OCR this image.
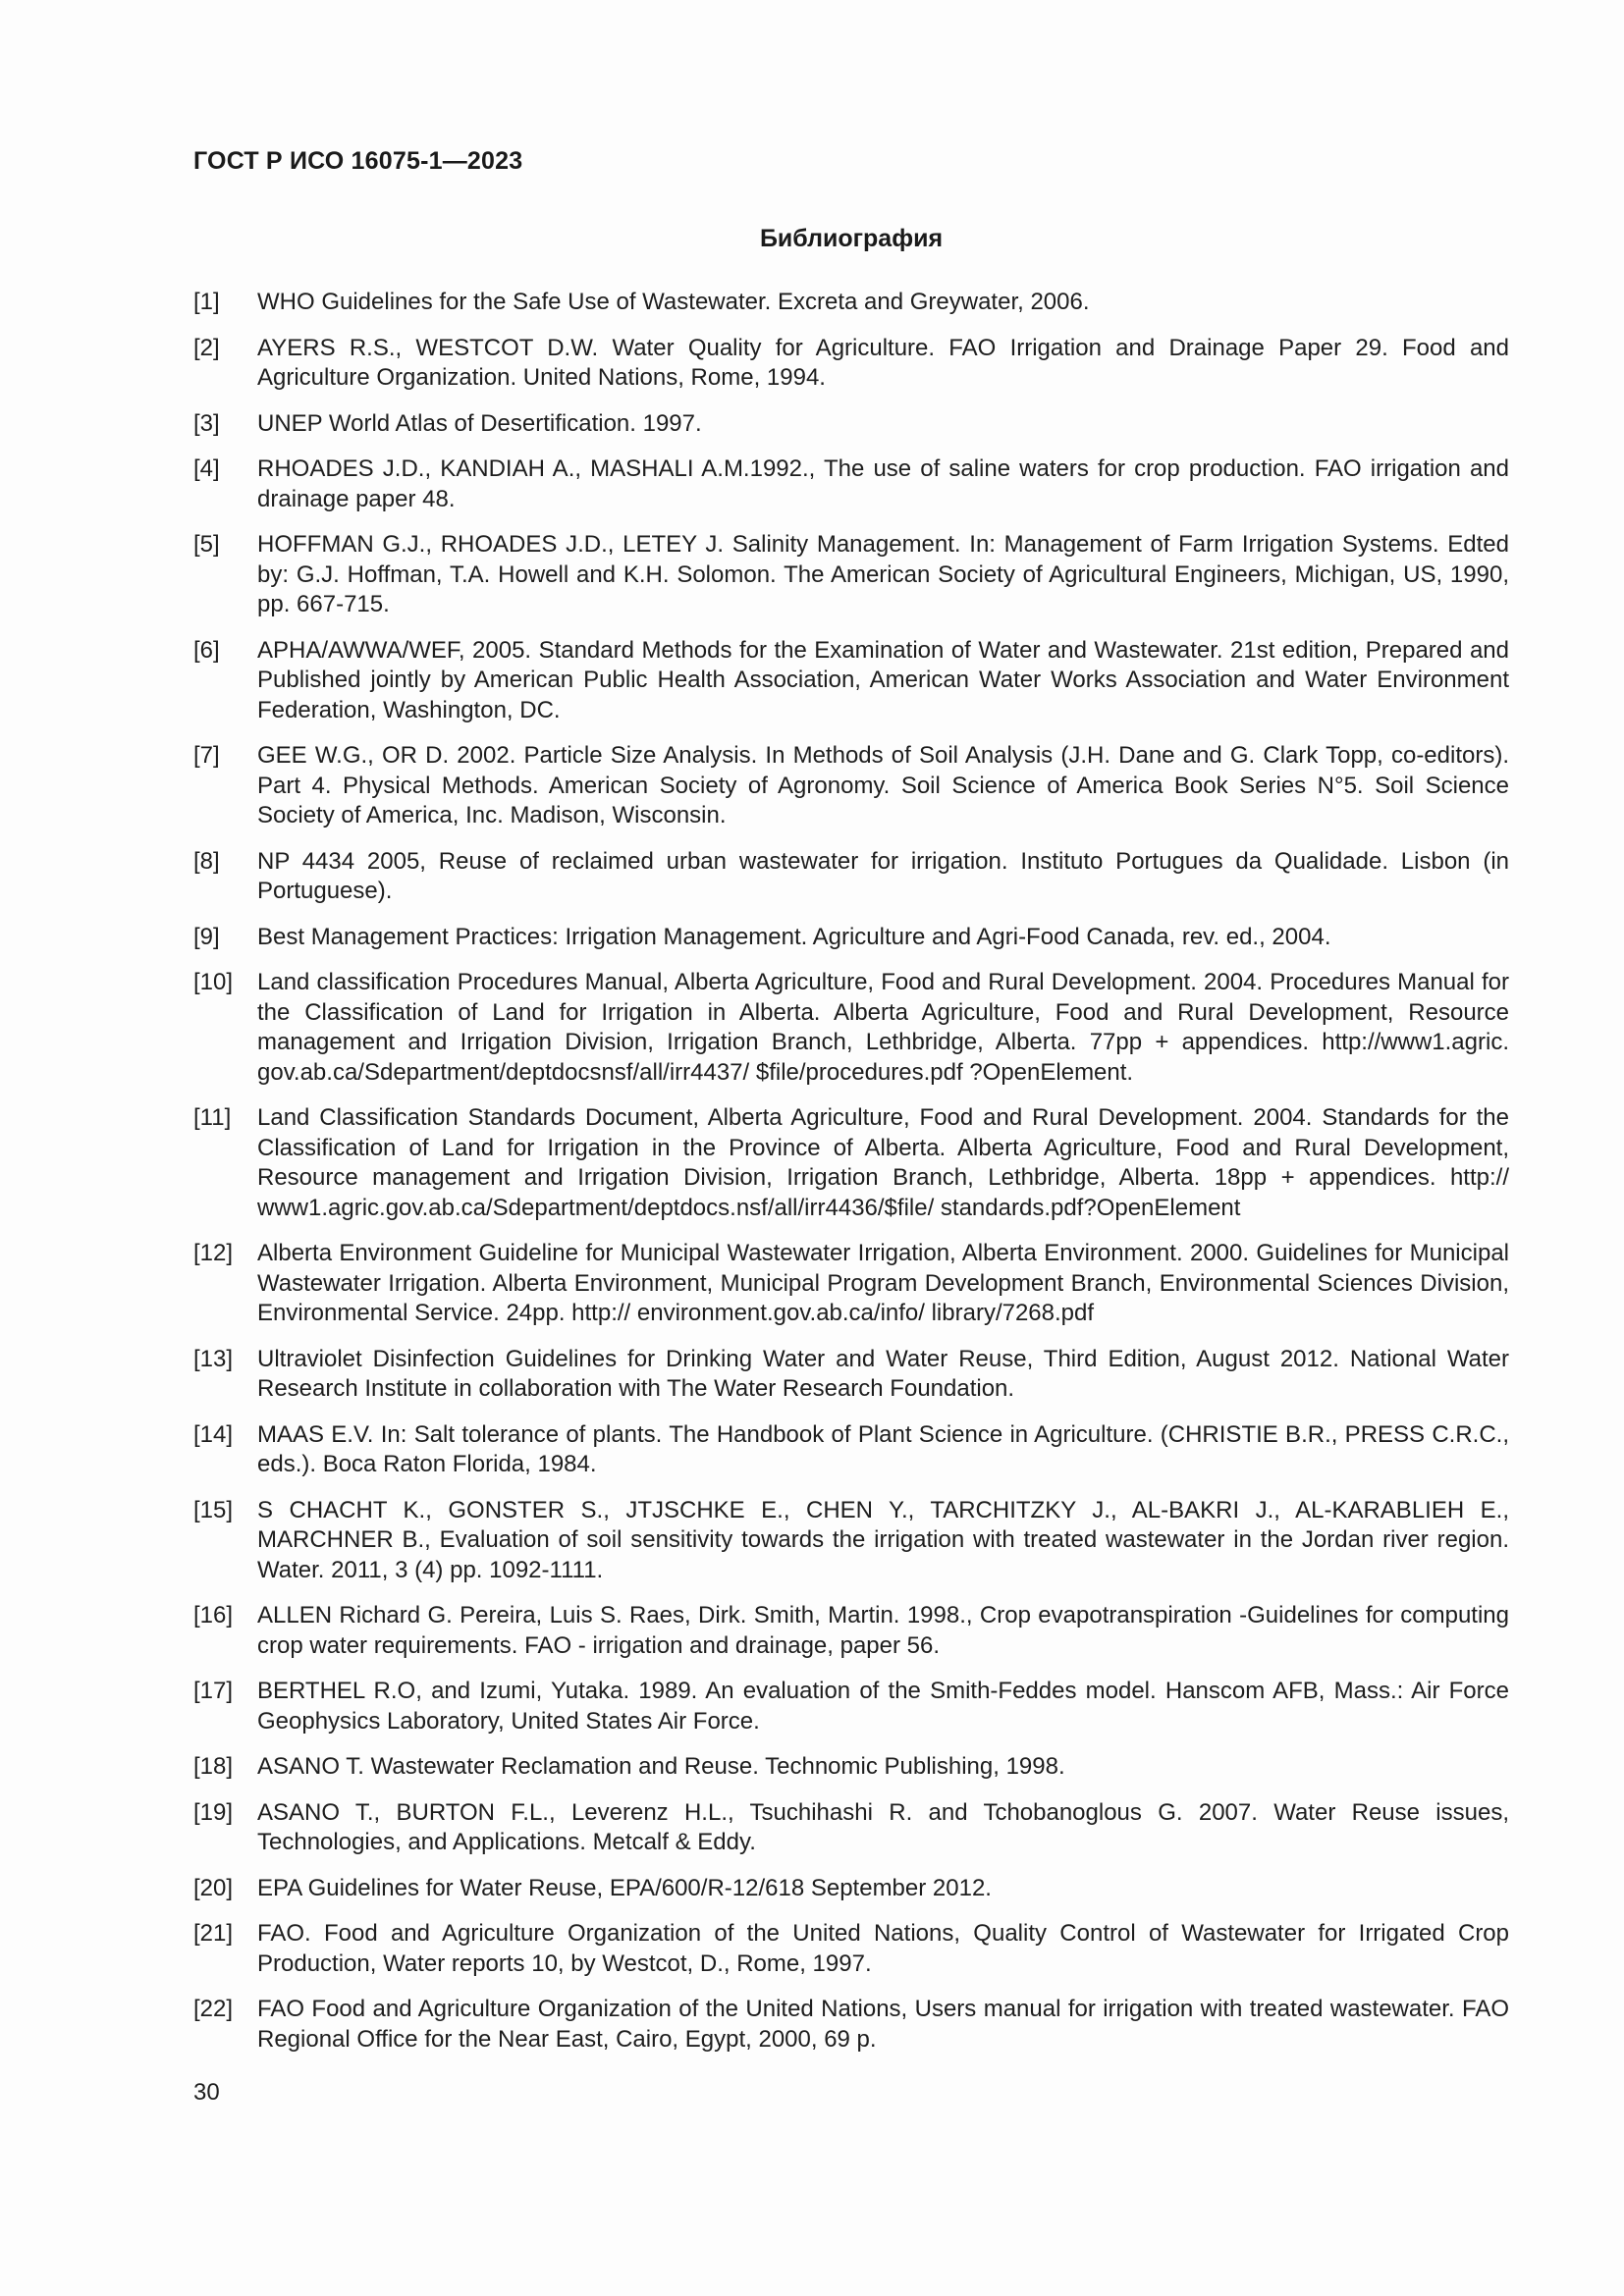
ГОСТ Р ИСО 16075-1—2023
Библиография
[1]	WHO Guidelines for the Safe Use of Wastewater. Excreta and Greywater, 2006.
[2]	AYERS R.S., WESTCOT D.W. Water Quality for Agriculture. FAO Irrigation and Drainage Paper 29. Food and Agriculture Organization. United Nations, Rome, 1994.
[3]	UNEP World Atlas of Desertification. 1997.
[4]	RHOADES J.D., KANDIAH A., MASHALI A.M.1992., The use of saline waters for crop production. FAO irrigation and drainage paper 48.
[5]	HOFFMAN G.J., RHOADES J.D., LETEY J. Salinity Management. In: Management of Farm Irrigation Systems. Edted by: G.J. Hoffman, T.A. Howell and K.H. Solomon. The American Society of Agricultural Engineers, Michigan, US, 1990, pp. 667-715.
[6]	APHA/AWWA/WEF, 2005. Standard Methods for the Examination of Water and Wastewater. 21st edition, Prepared and Published jointly by American Public Health Association, American Water Works Association and Water Environment Federation, Washington, DC.
[7]	GEE W.G., OR D. 2002. Particle Size Analysis. In Methods of Soil Analysis (J.H. Dane and G. Clark Topp, co-editors). Part 4. Physical Methods. American Society of Agronomy. Soil Science of America Book Series N°5. Soil Science Society of America, Inc. Madison, Wisconsin.
[8]	NP 4434 2005, Reuse of reclaimed urban wastewater for irrigation. Instituto Portugues da Qualidade. Lisbon (in Portuguese).
[9]	Best Management Practices: Irrigation Management. Agriculture and Agri-Food Canada, rev. ed., 2004.
[10]	Land classification Procedures Manual, Alberta Agriculture, Food and Rural Development. 2004. Procedures Manual for the Classification of Land for Irrigation in Alberta. Alberta Agriculture, Food and Rural Development, Resource management and Irrigation Division, Irrigation Branch, Lethbridge, Alberta. 77pp + appendices. http://www1.agric. gov.ab.ca/Sdepartment/deptdocsnsf/all/irr4437/ $file/procedures.pdf ?OpenElement.
[11]	Land Classification Standards Document, Alberta Agriculture, Food and Rural Development. 2004. Standards for the Classification of Land for Irrigation in the Province of Alberta. Alberta Agriculture, Food and Rural Development, Resource management and Irrigation Division, Irrigation Branch, Lethbridge, Alberta. 18pp + appendices. http:// www1.agric.gov.ab.ca/Sdepartment/deptdocs.nsf/all/irr4436/$file/ standards.pdf?OpenElement
[12]	Alberta Environment Guideline for Municipal Wastewater Irrigation, Alberta Environment. 2000. Guidelines for Municipal Wastewater Irrigation. Alberta Environment, Municipal Program Development Branch, Environmental Sciences Division, Environmental Service. 24pp. http:// environment.gov.ab.ca/info/ library/7268.pdf
[13]	Ultraviolet Disinfection Guidelines for Drinking Water and Water Reuse, Third Edition, August 2012. National Water Research Institute in collaboration with The Water Research Foundation.
[14]	MAAS E.V. In: Salt tolerance of plants. The Handbook of Plant Science in Agriculture. (CHRISTIE B.R., PRESS C.R.C., eds.). Boca Raton Florida, 1984.
[15]	S CHACHT K., GONSTER S., JTJSCHKE E., CHEN Y., TARCHITZKY J., AL-BAKRI J., AL-KARABLIEH E., MARCHNER B., Evaluation of soil sensitivity towards the irrigation with treated wastewater in the Jordan river region. Water. 2011, 3 (4) pp. 1092-1111.
[16]	ALLEN Richard G. Pereira, Luis S. Raes, Dirk. Smith, Martin. 1998., Crop evapotranspiration -Guidelines for computing crop water requirements. FAO - irrigation and drainage, paper 56.
[17]	BERTHEL R.O, and Izumi, Yutaka. 1989. An evaluation of the Smith-Feddes model. Hanscom AFB, Mass.: Air Force Geophysics Laboratory, United States Air Force.
[18]	ASANO T. Wastewater Reclamation and Reuse. Technomic Publishing, 1998.
[19]	ASANO T., BURTON F.L., Leverenz H.L., Tsuchihashi R. and Tchobanoglous G. 2007. Water Reuse issues, Technologies, and Applications. Metcalf & Eddy.
[20]	EPA Guidelines for Water Reuse, EPA/600/R-12/618 September 2012.
[21]	FAO. Food and Agriculture Organization of the United Nations, Quality Control of Wastewater for Irrigated Crop Production, Water reports 10, by Westcot, D., Rome, 1997.
[22]	FAO Food and Agriculture Organization of the United Nations, Users manual for irrigation with treated wastewater. FAO Regional Office for the Near East, Cairo, Egypt, 2000, 69 p.
30
